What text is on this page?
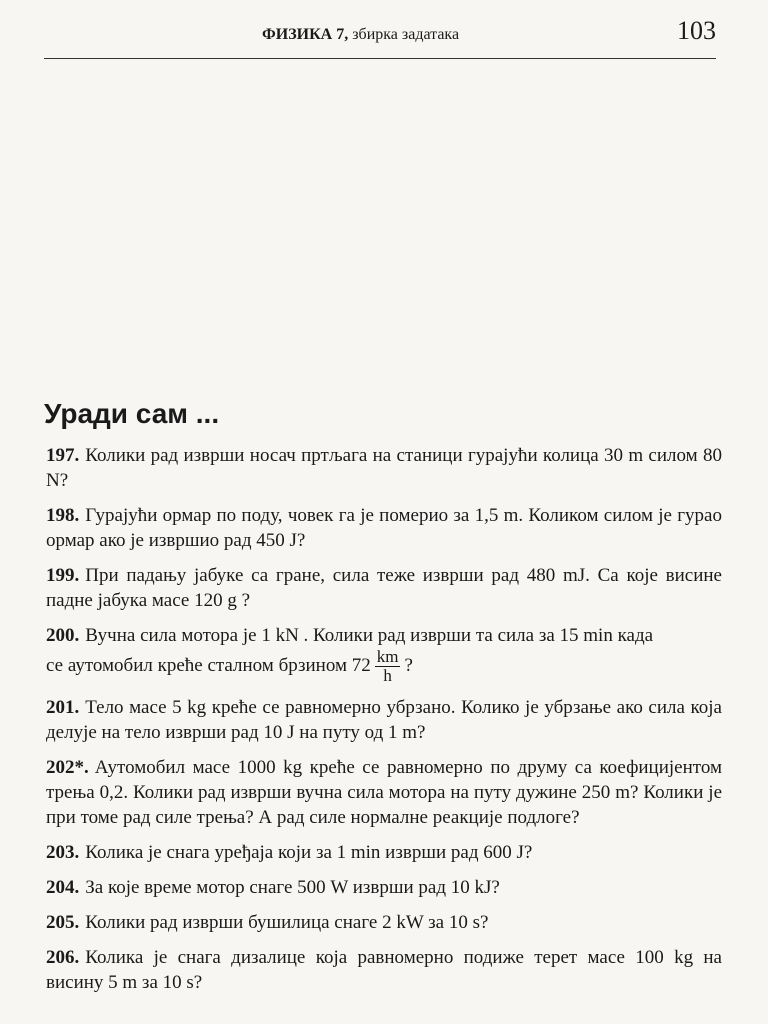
ФИЗИКА 7, збирка задатака	103
Уради сам ...

197. Колики рад изврши носач пртљага на станици гурајући колица 30 m силом 80 N?

198. Гурајући ормар по поду, човек га је померио за 1,5 m. Коликом силом је гурао ормар ако је извршио рад 450 J?

199. При падању јабуке са гране, сила теже изврши рад 480 mJ. Са које висине падне јабука масе 120 g ?

200. Вучна сила мотора је 1 kN . Колики рад изврши та сила за 15 min када
се аутомобил креће сталном брзином $72 \frac{km}{h}$ ?

201. Тело масе 5 kg креће се равномерно убрзано. Колико је убрзање ако сила која делује на тело изврши рад 10 J на путу од 1 m?

202*. Аутомобил масе 1000 kg креће се равномерно по друму са коефицијентом трења 0,2. Колики рад изврши вучна сила мотора на путу дужине 250 m? Колики је при томе рад силе трења? А рад силе нормалне реакције подлоге?

203. Колика је снага уређаја који за 1 min изврши рад 600 J?

204. За које време мотор снаге 500 W изврши рад 10 kJ?

205. Колики рад изврши бушилица снаге 2 kW за 10 s?

206. Колика је снага дизалице која равномерно подиже терет масе 100 kg на висину 5 m за 10 s?
